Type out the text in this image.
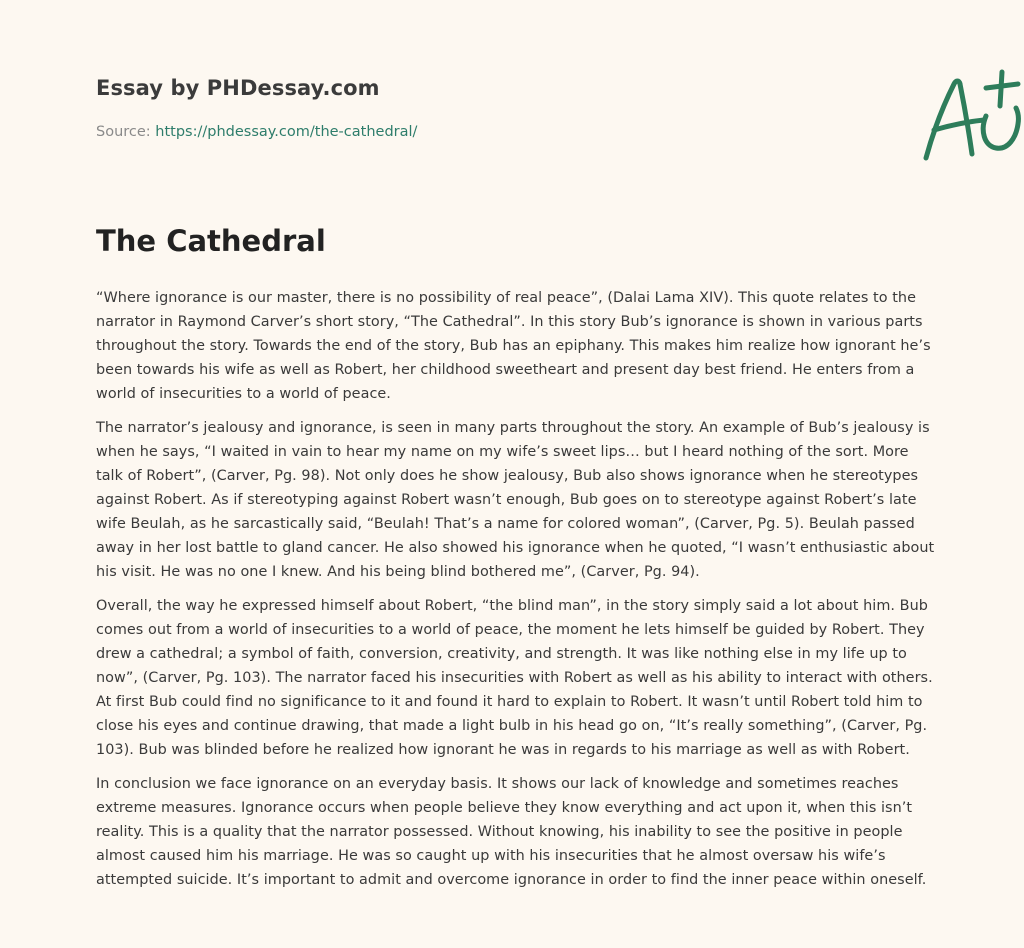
Essay by PHDessay.com
Source: https://phdessay.com/the-cathedral/
The Cathedral

“Where ignorance is our master, there is no possibility of real peace”, (Dalai Lama XIV). This quote relates to the narrator in Raymond Carver’s short story, “The Cathedral”. In this story Bub’s ignorance is shown in various parts throughout the story. Towards the end of the story, Bub has an epiphany. This makes him realize how ignorant he’s been towards his wife as well as Robert, her childhood sweetheart and present day best friend. He enters from a world of insecurities to a world of peace.

The narrator’s jealousy and ignorance, is seen in many parts throughout the story. An example of Bub’s jealousy is when he says, “I waited in vain to hear my name on my wife’s sweet lips… but I heard nothing of the sort. More talk of Robert”, (Carver, Pg. 98). Not only does he show jealousy, Bub also shows ignorance when he stereotypes against Robert. As if stereotyping against Robert wasn’t enough, Bub goes on to stereotype against Robert’s late wife Beulah, as he sarcastically said, “Beulah! That’s a name for colored woman”, (Carver, Pg. 5). Beulah passed away in her lost battle to gland cancer. He also showed his ignorance when he quoted, “I wasn’t enthusiastic about his visit. He was no one I knew. And his being blind bothered me”, (Carver, Pg. 94).

Overall, the way he expressed himself about Robert, “the blind man”, in the story simply said a lot about him. Bub comes out from a world of insecurities to a world of peace, the moment he lets himself be guided by Robert. They drew a cathedral; a symbol of faith, conversion, creativity, and strength. It was like nothing else in my life up to now”, (Carver, Pg. 103). The narrator faced his insecurities with Robert as well as his ability to interact with others. At first Bub could find no significance to it and found it hard to explain to Robert. It wasn’t until Robert told him to close his eyes and continue drawing, that made a light bulb in his head go on, “It’s really something”, (Carver, Pg. 103). Bub was blinded before he realized how ignorant he was in regards to his marriage as well as with Robert.

In conclusion we face ignorance on an everyday basis. It shows our lack of knowledge and sometimes reaches extreme measures. Ignorance occurs when people believe they know everything and act upon it, when this isn’t reality. This is a quality that the narrator possessed. Without knowing, his inability to see the positive in people almost caused him his marriage. He was so caught up with his insecurities that he almost oversaw his wife’s attempted suicide. It’s important to admit and overcome ignorance in order to find the inner peace within oneself.
